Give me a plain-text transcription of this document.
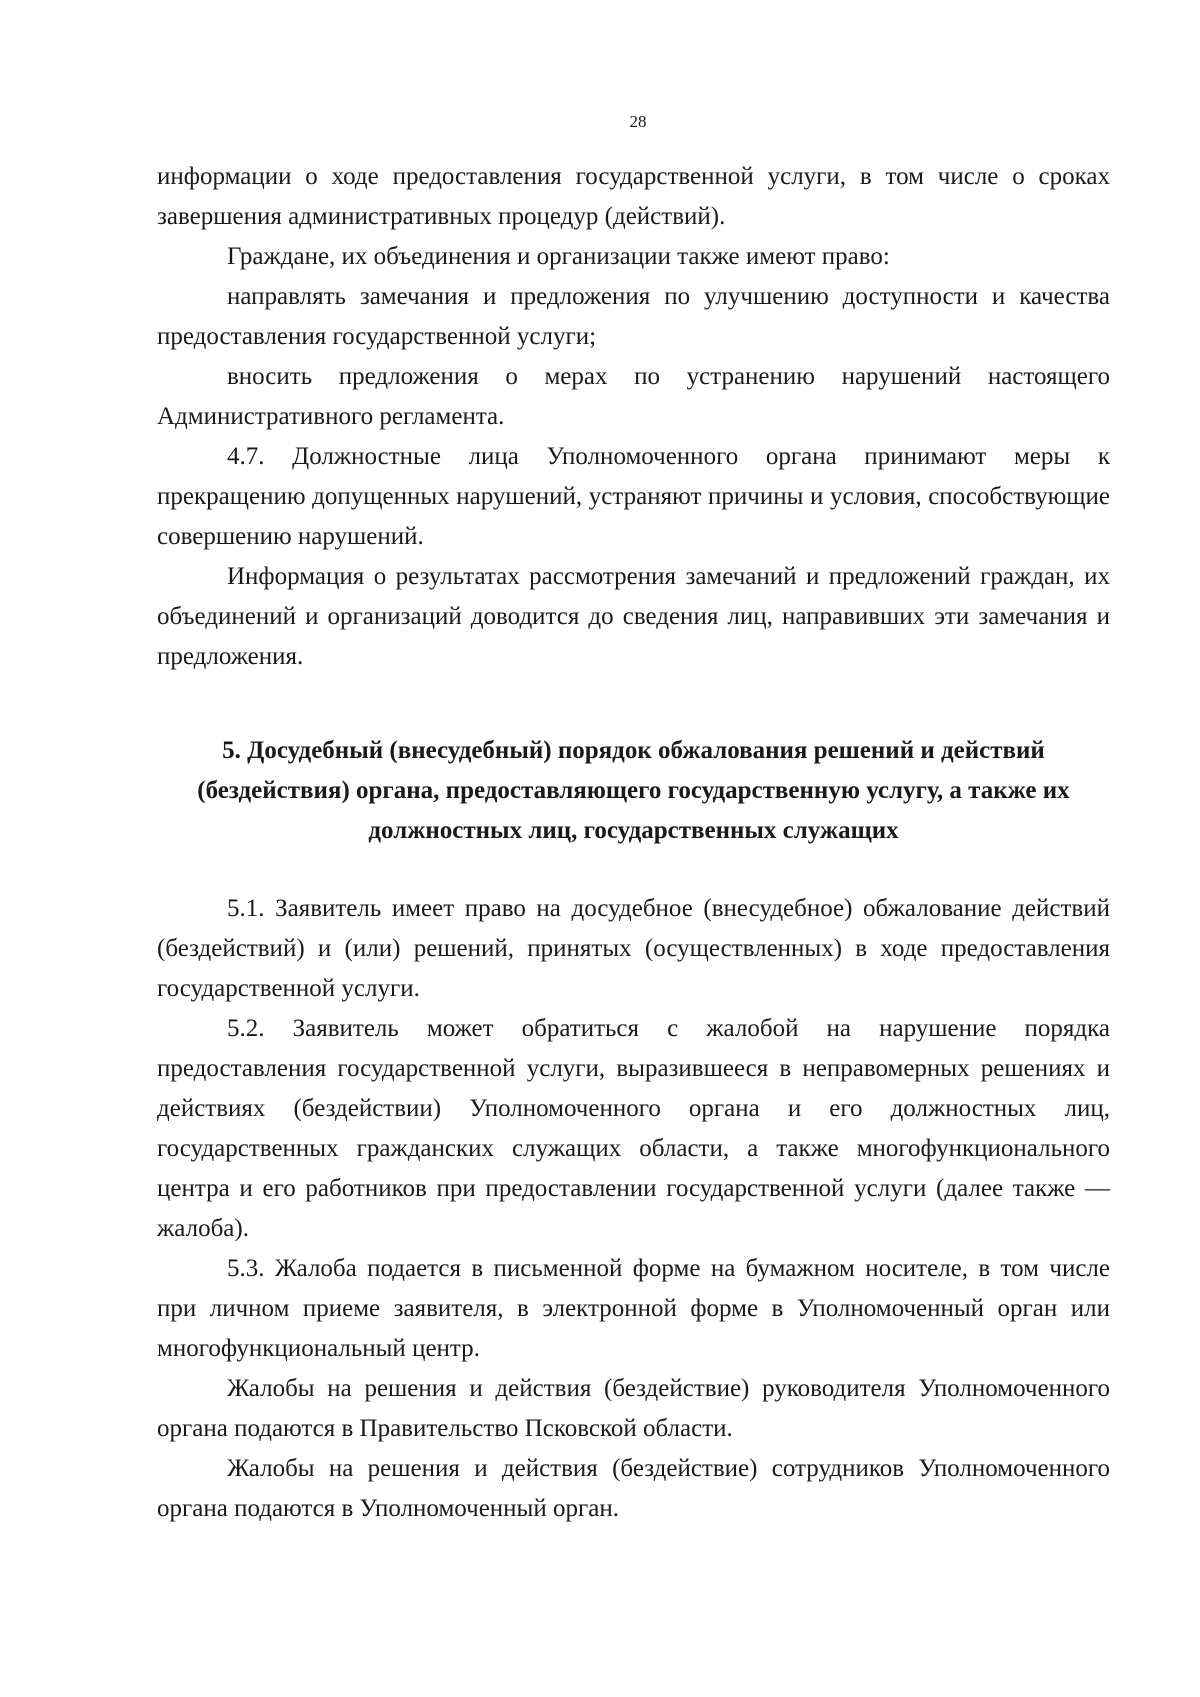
28

информации о ходе предоставления государственной услуги, в том числе о сроках завершения административных процедур (действий).

Граждане, их объединения и организации также имеют право:

направлять замечания и предложения по улучшению доступности и качества предоставления государственной услуги;

вносить предложения о мерах по устранению нарушений настоящего Административного регламента.

4.7. Должностные лица Уполномоченного органа принимают меры к прекращению допущенных нарушений, устраняют причины и условия, способствующие совершению нарушений.

Информация о результатах рассмотрения замечаний и предложений граждан, их объединений и организаций доводится до сведения лиц, направивших эти замечания и предложения.

5. Досудебный (внесудебный) порядок обжалования решений и действий (бездействия) органа, предоставляющего государственную услугу, а также их должностных лиц, государственных служащих

5.1. Заявитель имеет право на досудебное (внесудебное) обжалование действий (бездействий) и (или) решений, принятых (осуществленных) в ходе предоставления государственной услуги.

5.2. Заявитель может обратиться с жалобой на нарушение порядка предоставления государственной услуги, выразившееся в неправомерных решениях и действиях (бездействии) Уполномоченного органа и его должностных лиц, государственных гражданских служащих области, а также многофункционального центра и его работников при предоставлении государственной услуги (далее также — жалоба).

5.3. Жалоба подается в письменной форме на бумажном носителе, в том числе при личном приеме заявителя, в электронной форме в Уполномоченный орган или многофункциональный центр.

Жалобы на решения и действия (бездействие) руководителя Уполномоченного органа подаются в Правительство Псковской области.

Жалобы на решения и действия (бездействие) сотрудников Уполномоченного органа подаются в Уполномоченный орган.
